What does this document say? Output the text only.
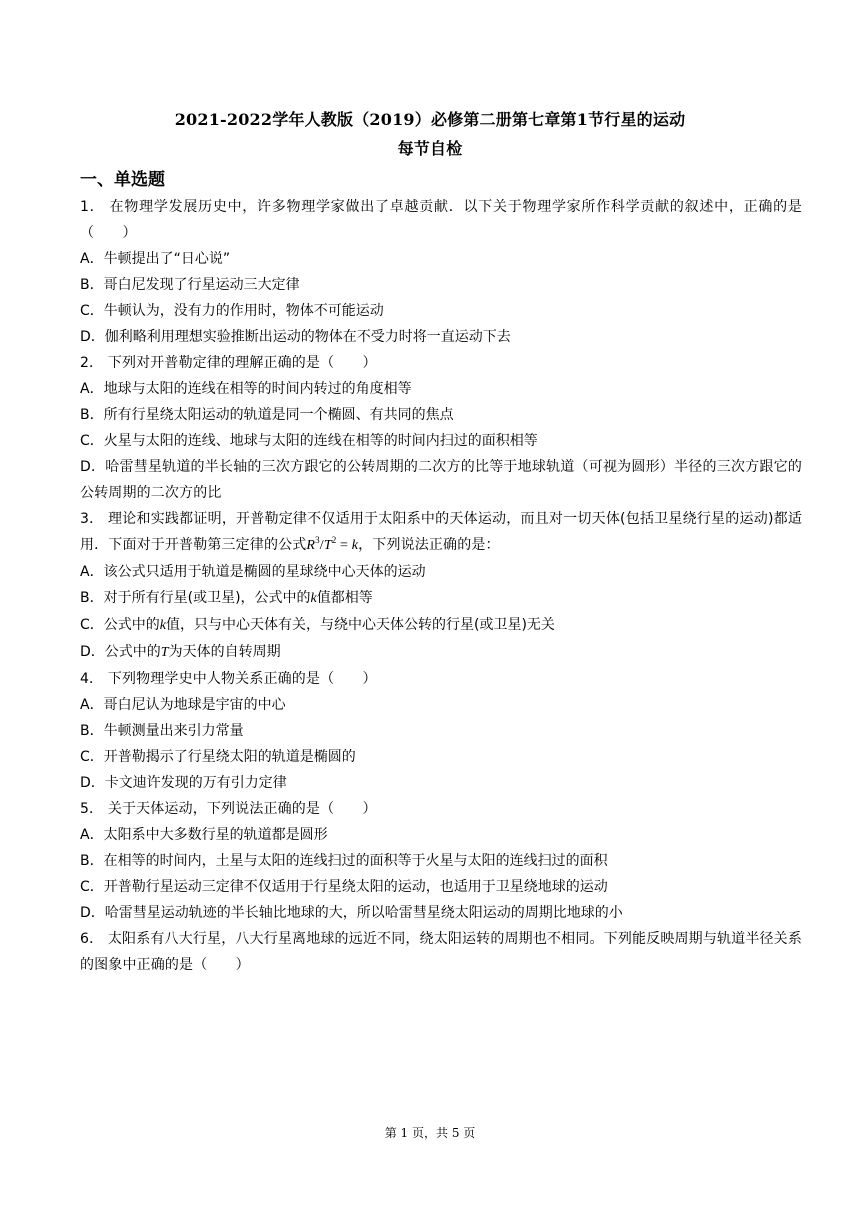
2021-2022学年人教版（2019）必修第二册第七章第1节行星的运动
每节自检
一、单选题

1． 在物理学发展历史中，许多物理学家做出了卓越贡献．以下关于物理学家所作科学贡献的叙述中，正确的是（　　）

A．牛顿提出了“日心说”

B．哥白尼发现了行星运动三大定律

C．牛顿认为，没有力的作用时，物体不可能运动

D．伽利略利用理想实验推断出运动的物体在不受力时将一直运动下去

2． 下列对开普勒定律的理解正确的是（　　）

A．地球与太阳的连线在相等的时间内转过的角度相等

B．所有行星绕太阳运动的轨道是同一个椭圆、有共同的焦点

C．火星与太阳的连线、地球与太阳的连线在相等的时间内扫过的面积相等

D．哈雷彗星轨道的半长轴的三次方跟它的公转周期的二次方的比等于地球轨道（可视为圆形）半径的三次方跟它的公转周期的二次方的比

3． 理论和实践都证明，开普勒定律不仅适用于太阳系中的天体运动，而且对一切天体(包括卫星绕行星的运动)都适用．下面对于开普勒第三定律的公式$R^3/T^2 = k$，下列说法正确的是：

A．该公式只适用于轨道是椭圆的星球绕中心天体的运动

B．对于所有行星(或卫星)，公式中的k值都相等

C．公式中的k值，只与中心天体有关，与绕中心天体公转的行星(或卫星)无关

D．公式中的T为天体的自转周期

4． 下列物理学史中人物关系正确的是（　　）

A．哥白尼认为地球是宇宙的中心

B．牛顿测量出来引力常量

C．开普勒揭示了行星绕太阳的轨道是椭圆的

D．卡文迪许发现的万有引力定律

5． 关于天体运动，下列说法正确的是（　　）

A．太阳系中大多数行星的轨道都是圆形

B．在相等的时间内，土星与太阳的连线扫过的面积等于火星与太阳的连线扫过的面积

C．开普勒行星运动三定律不仅适用于行星绕太阳的运动，也适用于卫星绕地球的运动

D．哈雷彗星运动轨迹的半长轴比地球的大，所以哈雷彗星绕太阳运动的周期比地球的小

6． 太阳系有八大行星，八大行星离地球的远近不同，绕太阳运转的周期也不相同。下列能反映周期与轨道半径关系的图象中正确的是（　　）

第 1 页，共 5 页
